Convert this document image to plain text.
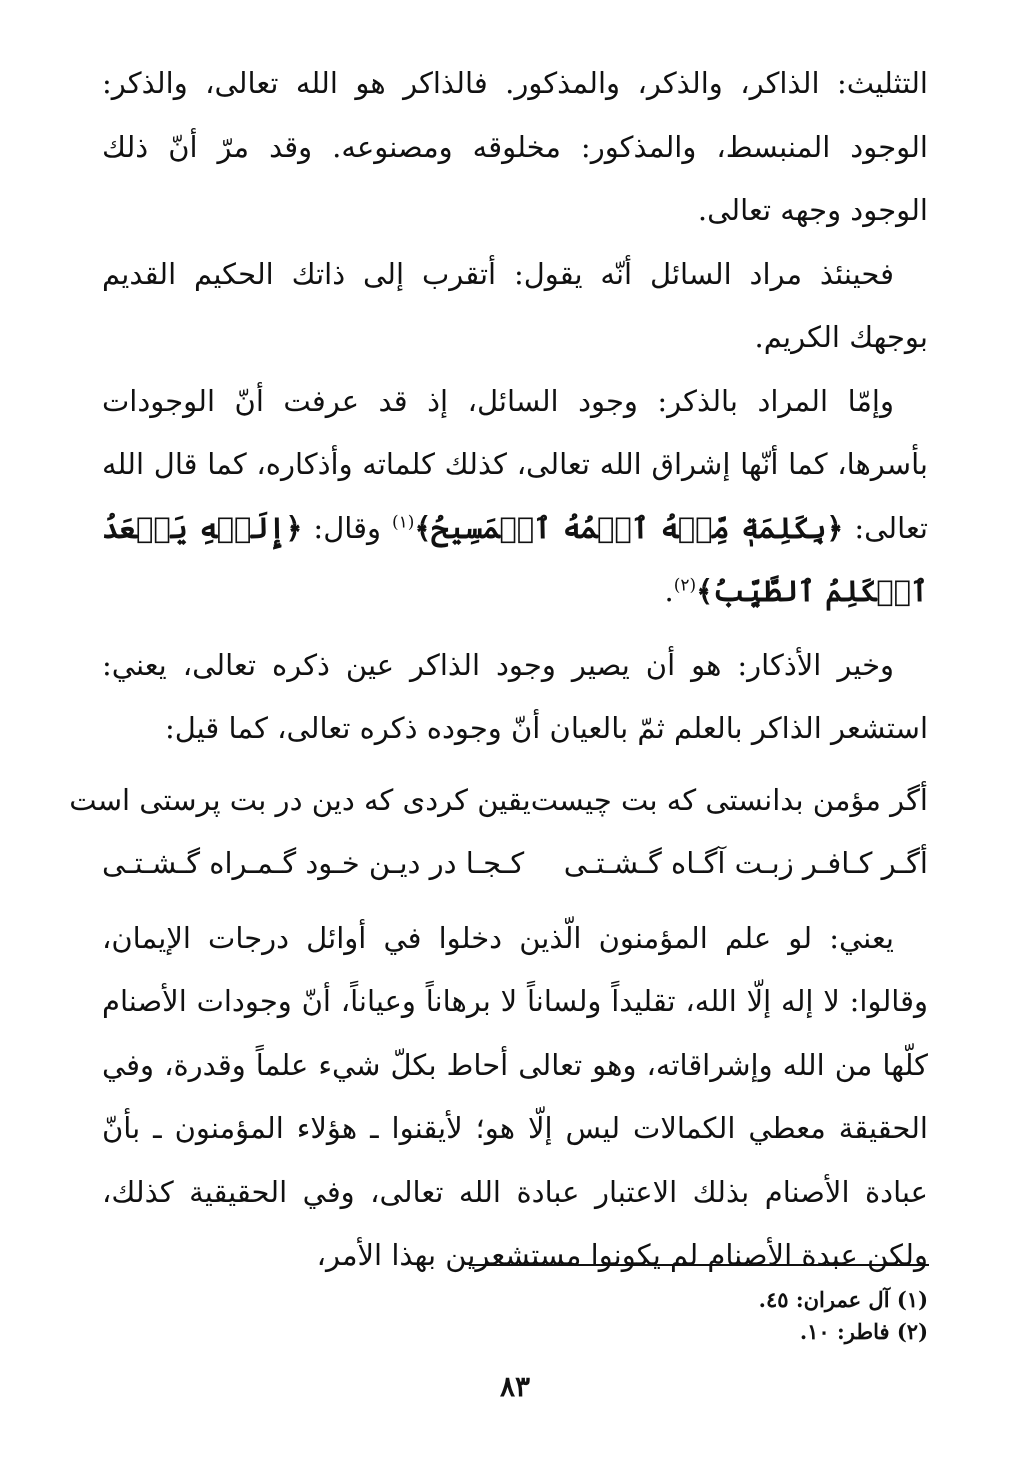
التثليث: الذاكر، والذكر، والمذكور. فالذاكر هو الله تعالى، والذكر: الوجود المنبسط، والمذكور: مخلوقه ومصنوعه. وقد مرّ أنّ ذلك الوجود وجهه تعالى.

فحينئذ مراد السائل أنّه يقول: أتقرب إلى ذاتك الحكيم القديم بوجهك الكريم.

وإمّا المراد بالذكر: وجود السائل، إذ قد عرفت أنّ الوجودات بأسرها، كما أنّها إشراق الله تعالى، كذلك كلماته وأذكاره، كما قال الله تعالى: ﴿بِكَلِمَةٖ مِّنۡهُ ٱسۡمُهُ ٱلۡمَسِيحُ﴾$^{(١)}$ وقال: ﴿إِلَيۡهِ يَصۡعَدُ ٱلۡكَلِمُ ٱلطَّيِّبُ﴾$^{(٢)}$.

وخير الأذكار: هو أن يصير وجود الذاكر عين ذكره تعالى، يعني: استشعر الذاكر بالعلم ثمّ بالعيان أنّ وجوده ذكره تعالى، كما قيل:

أگر مؤمن بدانستی که بت چیست
یقین کردی که دین در بت پرستی است
أگـر كـافـر زبـت آگـاه گـشـتـى
كـجـا در ديـن خـود گـمـراه گـشـتـى

يعني: لو علم المؤمنون الّذين دخلوا في أوائل درجات الإيمان، وقالوا: لا إله إلّا الله، تقليداً ولساناً لا برهاناً وعياناً، أنّ وجودات الأصنام كلّها من الله وإشراقاته، وهو تعالى أحاط بكلّ شيء علماً وقدرة، وفي الحقيقة معطي الكمالات ليس إلّا هو؛ لأيقنوا ـ هؤلاء المؤمنون ـ بأنّ عبادة الأصنام بذلك الاعتبار عبادة الله تعالى، وفي الحقيقية كذلك، ولكن عبدة الأصنام لم يكونوا مستشعرين بهذا الأمر،

(١) آل عمران: ٤٥.

(٢) فاطر: ١٠.

٨٣
